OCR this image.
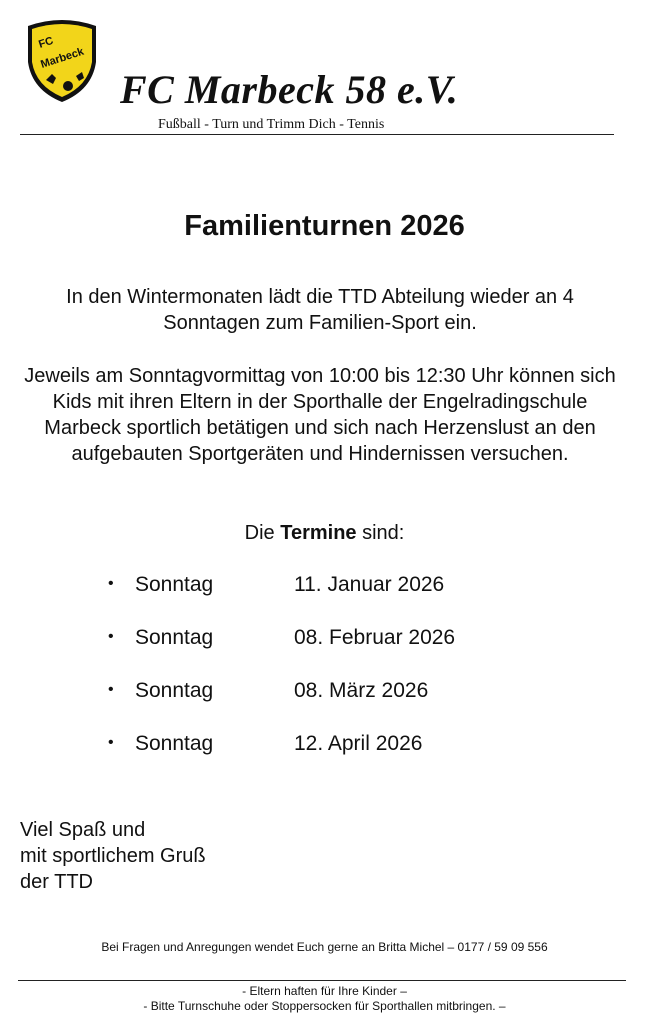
FC
Marbeck
FC Marbeck 58 e.V.
Fußball - Turn und Trimm Dich - Tennis
Familienturnen 2026
In den Wintermonaten lädt die TTD Abteilung wieder an 4 Sonntagen zum Familien-Sport ein.
Jeweils am Sonntagvormittag von 10:00 bis 12:30 Uhr können sich Kids mit ihren Eltern in der Sporthalle der Engelradingschule Marbeck sportlich betätigen und sich nach Herzenslust an den aufgebauten Sportgeräten und Hindernissen versuchen.
Die Termine sind:
• Sonntag	11. Januar 2026
• Sonntag	08. Februar 2026
• Sonntag	08. März 2026
• Sonntag	12. April 2026
Viel Spaß und
mit sportlichem Gruß
der TTD
Bei Fragen und Anregungen wendet Euch gerne an Britta Michel – 0177 / 59 09 556
- Eltern haften für Ihre Kinder –
- Bitte Turnschuhe oder Stoppersocken für Sporthallen mitbringen. –
